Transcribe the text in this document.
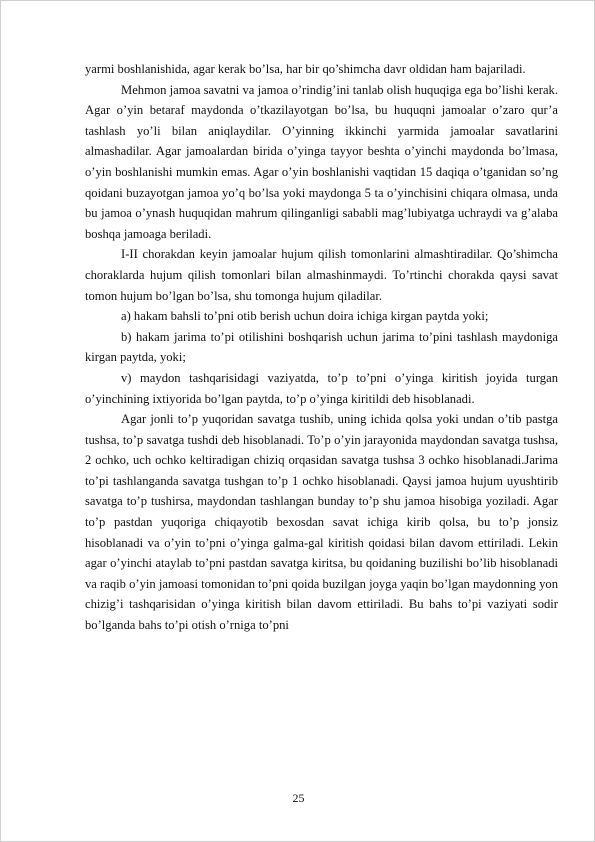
yarmi boshlanishida, agar kerak bo’lsa, har bir qo’shimcha davr oldidan ham bajariladi.

Mehmon jamoa savatni va jamoa o’rindig’ini tanlab olish huquqiga ega bo’lishi kerak. Agar o’yin betaraf maydonda o’tkazilayotgan bo’lsa, bu huquqni jamoalar o’zaro qur’a tashlash yo’li bilan aniqlaydilar. O’yinning ikkinchi yarmida jamoalar savatlarini almashadilar. Agar jamoalardan birida o’yinga tayyor beshta o’yinchi maydonda bo’lmasa, o’yin boshlanishi mumkin emas. Agar o’yin boshlanishi vaqtidan 15 daqiqa o’tganidan so’ng qoidani buzayotgan jamoa yo’q bo’lsa yoki maydonga 5 ta o’yinchisini chiqara olmasa, unda bu jamoa o’ynash huquqidan mahrum qilinganligi sababli mag’lubiyatga uchraydi va g’alaba boshqa jamoaga beriladi.

I-II chorakdan keyin jamoalar hujum qilish tomonlarini almashtiradilar. Qo’shimcha choraklarda hujum qilish tomonlari bilan almashinmaydi. To’rtinchi chorakda qaysi savat tomon hujum bo’lgan bo’lsa, shu tomonga hujum qiladilar.

a) hakam bahsli to’pni otib berish uchun doira ichiga kirgan paytda yoki;

b) hakam jarima to’pi otilishini boshqarish uchun jarima to’pini tashlash maydoniga kirgan paytda, yoki;

v) maydon tashqarisidagi vaziyatda, to’p to’pni o’yinga kiritish joyida turgan o’yinchining ixtiyorida bo’lgan paytda, to’p o’yinga kiritildi deb hisoblanadi.

Agar jonli to’p yuqoridan savatga tushib, uning ichida qolsa yoki undan o’tib pastga tushsa, to’p savatga tushdi deb hisoblanadi. To’p o’yin jarayonida maydondan savatga tushsa, 2 ochko, uch ochko keltiradigan chiziq orqasidan savatga tushsa 3 ochko hisoblanadi.Jarima to’pi tashlanganda savatga tushgan to’p 1 ochko hisoblanadi. Qaysi jamoa hujum uyushtirib savatga to’p tushirsa, maydondan tashlangan bunday to’p shu jamoa hisobiga yoziladi. Agar to’p pastdan yuqoriga chiqayotib bexosdan savat ichiga kirib qolsa, bu to’p jonsiz hisoblanadi va o’yin to’pni o’yinga galma-gal kiritish qoidasi bilan davom ettiriladi. Lekin agar o’yinchi ataylab to’pni pastdan savatga kiritsa, bu qoidaning buzilishi bo’lib hisoblanadi va raqib o’yin jamoasi tomonidan to’pni qoida buzilgan joyga yaqin bo’lgan maydonning yon chizig’i tashqarisidan o’yinga kiritish bilan davom ettiriladi. Bu bahs to’pi vaziyati sodir bo’lganda bahs to’pi otish o’rniga to’pni

25
